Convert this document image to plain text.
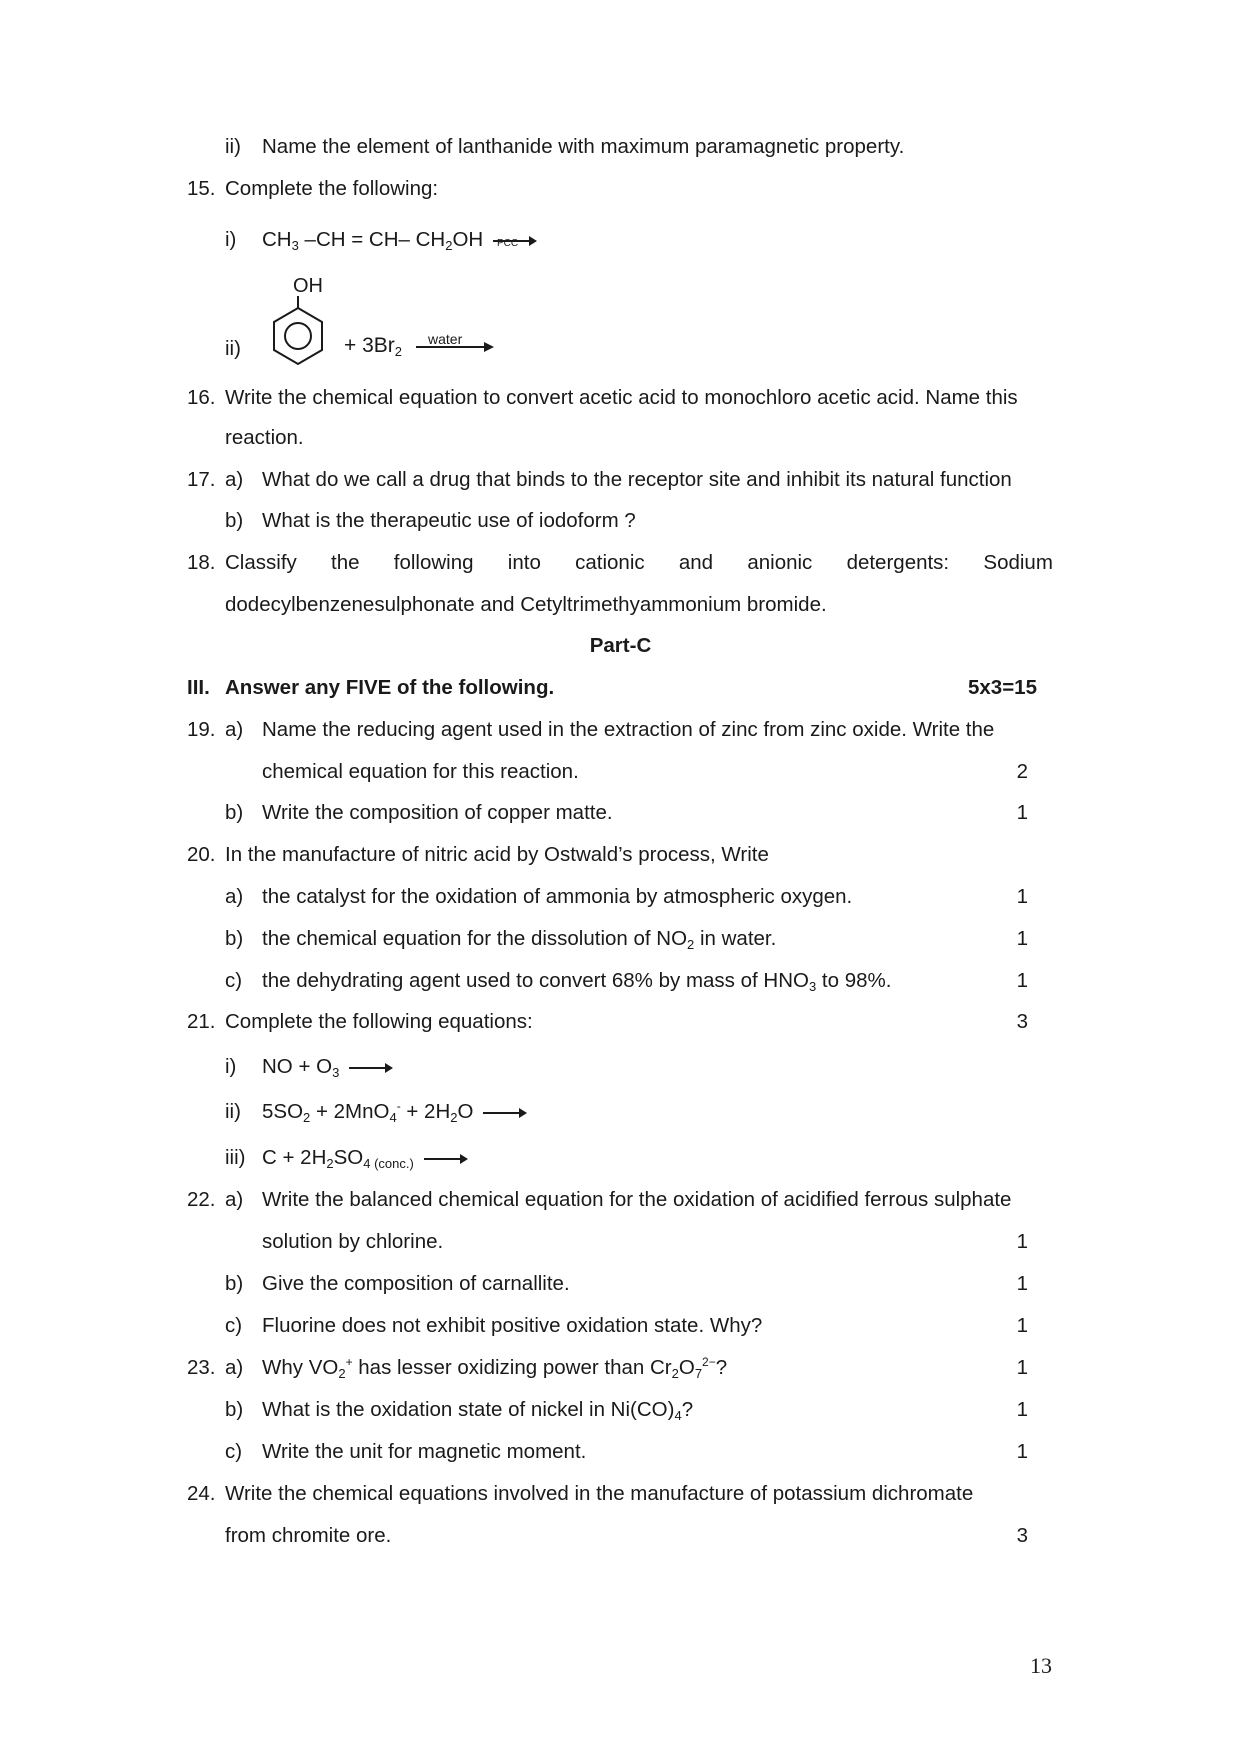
ii) Name the element of lanthanide with maximum paramagnetic property.
15. Complete the following:
i) $CH_3$ –CH = CH– $CH_2OH$ →
PCC
ii)
OH
+ $3Br_2$
water
16. Write the chemical equation to convert acetic acid to monochloro acetic acid. Name this
reaction.
17. a) What do we call a drug that binds to the receptor site and inhibit its natural function
b) What is the therapeutic use of iodoform ?
18. Classify the following into cationic and anionic detergents: Sodium
dodecylbenzenesulphonate and Cetyltrimethyammonium bromide.
Part-C
III. Answer any FIVE of the following.	5x3=15
19. a) Name the reducing agent used in the extraction of zinc from zinc oxide. Write the
chemical equation for this reaction.	2
b) Write the composition of copper matte.	1
20. In the manufacture of nitric acid by Ostwald’s process, Write
a) the catalyst for the oxidation of ammonia by atmospheric oxygen.	1
b) the chemical equation for the dissolution of $NO_2$ in water.	1
c) the dehydrating agent used to convert 68% by mass of $HNO_3$ to 98%.	1
21. Complete the following equations:	3
i) NO + $O_3$ →
ii) $5SO_2 + 2MnO_4^- + 2H_2O$ →
iii) $C + 2H_2SO_{4 (conc.)}$ →
22. a) Write the balanced chemical equation for the oxidation of acidified ferrous sulphate
solution by chlorine.	1
b) Give the composition of carnallite.	1
c) Fluorine does not exhibit positive oxidation state. Why?	1
23. a) Why $VO_2^+$ has lesser oxidizing power than $Cr_2O_7^{2-}$?	1
b) What is the oxidation state of nickel in $Ni(CO)_4$?	1
c) Write the unit for magnetic moment.	1
24. Write the chemical equations involved in the manufacture of potassium dichromate
from chromite ore.	3
13
